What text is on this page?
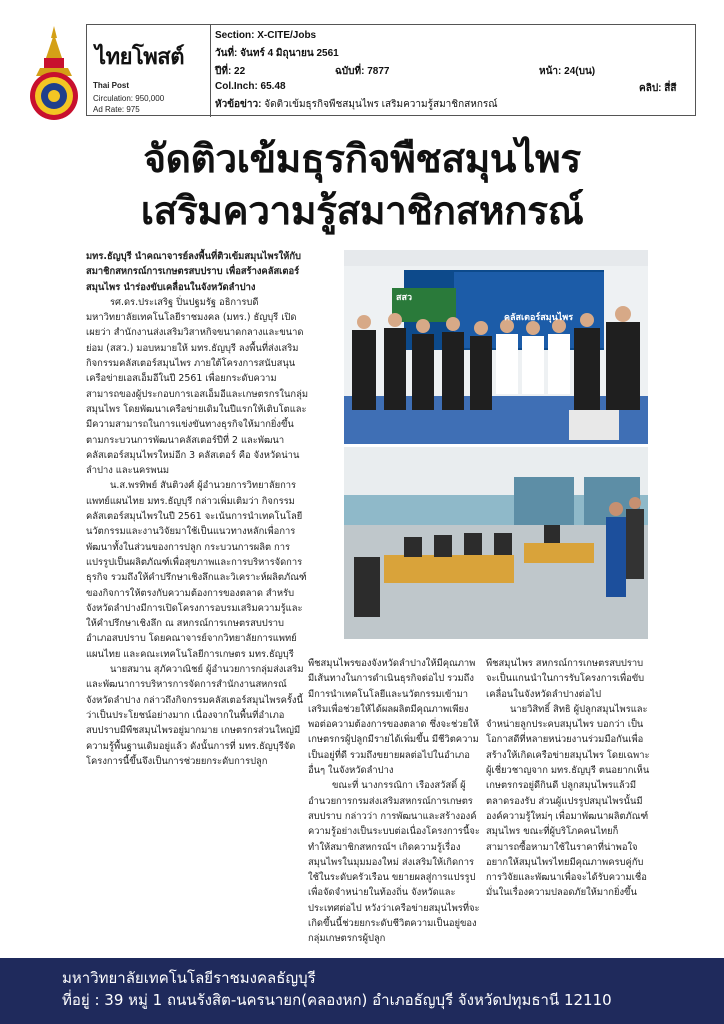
ไทยโพสต์
Thai Post
Circulation: 950,000
Ad Rate: 975
Section: X-CITE/Jobs
วันที่: จันทร์ 4 มิถุนายน 2561
ปีที่: 22	ฉบับที่: 7877	หน้า: 24(บน)
Col.Inch: 65.48	คลิป: สี่สี
หัวข้อข่าว: จัดติวเข้มธุรกิจพืชสมุนไพร เสริมความรู้สมาชิกสหกรณ์
จัดติวเข้มธุรกิจพืชสมุนไพร
เสริมความรู้สมาชิกสหกรณ์

มทร.ธัญบุรี นำคณาจารย์ลงพื้นที่ติวเข้มสมุนไพรให้กับสมาชิกสหกรณ์การเกษตรสบปราบ เพื่อสร้างคลัสเตอร์สมุนไพร นำร่องขับเคลื่อนในจังหวัดลำปาง

รศ.ดร.ประเสริฐ ปิ่นปฐมรัฐ อธิการบดีมหาวิทยาลัยเทคโนโลยีราชมงคล (มทร.) ธัญบุรี เปิดเผยว่า สำนักงานส่งเสริมวิสาหกิจขนาดกลางและขนาดย่อม (สสว.) มอบหมายให้ มทร.ธัญบุรี ลงพื้นที่ส่งเสริมกิจกรรมคลัสเตอร์สมุนไพร ภายใต้โครงการสนับสนุนเครือข่ายเอสเอ็มอีในปี 2561 เพื่อยกระดับความสามารถของผู้ประกอบการเอสเอ็มอีและเกษตรกรในกลุ่มสมุนไพร โดยพัฒนาเครือข่ายเดิมในปีแรกให้เติบโตและมีความสามารถในการแข่งขันทางธุรกิจให้มากยิ่งขึ้น ตามกระบวนการพัฒนาคลัสเตอร์ปีที่ 2 และพัฒนาคลัสเตอร์สมุนไพรใหม่อีก 3 คลัสเตอร์ คือ จังหวัดน่าน ลำปาง และนครพนม

น.ส.พรทิพย์ สันติวงศ์ ผู้อำนวยการวิทยาลัยการแพทย์แผนไทย มทร.ธัญบุรี กล่าวเพิ่มเติมว่า กิจกรรมคลัสเตอร์สมุนไพรในปี 2561 จะเน้นการนำเทคโนโลยี นวัตกรรมและงานวิจัยมาใช้เป็นแนวทางหลักเพื่อการพัฒนาทั้งในส่วนของการปลูก กระบวนการผลิต การแปรรูปเป็นผลิตภัณฑ์เพื่อสุขภาพและการบริหารจัดการธุรกิจ รวมถึงให้คำปรึกษาเชิงลึกและวิเคราะห์ผลิตภัณฑ์ของกิจการให้ตรงกับความต้องการของตลาด สำหรับจังหวัดลำปางมีการเปิดโครงการอบรมเสริมความรู้และให้คำปรึกษาเชิงลึก ณ สหกรณ์การเกษตรสบปราบ อำเภอสบปราบ โดยคณาจารย์จากวิทยาลัยการแพทย์แผนไทย และคณะเทคโนโลยีการเกษตร มทร.ธัญบุรี

นายสมาน สุภัควาณิชย์ ผู้อำนวยการกลุ่มส่งเสริมและพัฒนาการบริหารการจัดการสำนักงานสหกรณ์ จังหวัดลำปาง กล่าวถึงกิจกรรมคลัสเตอร์สมุนไพรครั้งนี้ว่าเป็นประโยชน์อย่างมาก เนื่องจากในพื้นที่อำเภอสบปราบมีพืชสมุนไพรอยู่มากมาย เกษตรกรส่วนใหญ่มีความรู้พื้นฐานเดิมอยู่แล้ว ดังนั้นการที่ มทร.ธัญบุรีจัดโครงการนี้ขึ้นจึงเป็นการช่วยยกระดับการปลูก

สสว
คลัสเตอร์สมุนไพร

พืชสมุนไพรของจังหวัดลำปางให้มีคุณภาพ มีเส้นทางในการดำเนินธุรกิจต่อไป รวมถึงมีการนำเทคโนโลยีและนวัตกรรมเข้ามาเสริมเพื่อช่วยให้ได้ผลผลิตมีคุณภาพเพียงพอต่อความต้องการของตลาด ซึ่งจะช่วยให้เกษตรกรผู้ปลูกมีรายได้เพิ่มขึ้น มีชีวิตความเป็นอยู่ที่ดี รวมถึงขยายผลต่อไปในอำเภออื่นๆ ในจังหวัดลำปาง

ขณะที่ นางกรรณิกา เรืองสวัสดิ์ ผู้อำนวยการกรมส่งเสริมสหกรณ์การเกษตรสบปราบ กล่าวว่า การพัฒนาและสร้างองค์ความรู้อย่างเป็นระบบต่อเนื่องโครงการนี้จะทำให้สมาชิกสหกรณ์ฯ เกิดความรู้เรื่องสมุนไพรในมุมมองใหม่ ส่งเสริมให้เกิดการใช้ในระดับครัวเรือน ขยายผลสู่การแปรรูปเพื่อจัดจำหน่ายในท้องถิ่น จังหวัดและประเทศต่อไป หวังว่าเครือข่ายสมุนไพรที่จะเกิดขึ้นนี้ช่วยยกระดับชีวิตความเป็นอยู่ของกลุ่มเกษตรกรผู้ปลูก

พืชสมุนไพร สหกรณ์การเกษตรสบปราบจะเป็นแกนนำในการรับโครงการเพื่อขับเคลื่อนในจังหวัดลำปางต่อไป

นายวิสิทธิ์ สิทธิ ผู้ปลูกสมุนไพรและจำหน่ายลูกประคบสมุนไพร บอกว่า เป็นโอกาสดีที่หลายหน่วยงานร่วมมือกันเพื่อสร้างให้เกิดเครือข่ายสมุนไพร โดยเฉพาะผู้เชี่ยวชาญจาก มทร.ธัญบุรี ตนอยากเห็นเกษตรกรอยู่ดีกินดี ปลูกสมุนไพรแล้วมีตลาดรองรับ ส่วนผู้แปรรูปสมุนไพรนั้นมีองค์ความรู้ใหม่ๆ เพื่อมาพัฒนาผลิตภัณฑ์สมุนไพร ขณะที่ผู้บริโภคคนไทยก็สามารถซื้อหามาใช้ในราคาที่น่าพอใจ อยากให้สมุนไพรไทยมีคุณภาพครบคู่กับการวิจัยและพัฒนาเพื่อจะได้รับความเชื่อมั่นในเรื่องความปลอดภัยให้มากยิ่งขึ้น

มหาวิทยาลัยเทคโนโลยีราชมงคลธัญบุรี
ที่อยู่ : 39 หมู่ 1 ถนนรังสิต-นครนายก(คลองหก) อำเภอธัญบุรี จังหวัดปทุมธานี 12110
